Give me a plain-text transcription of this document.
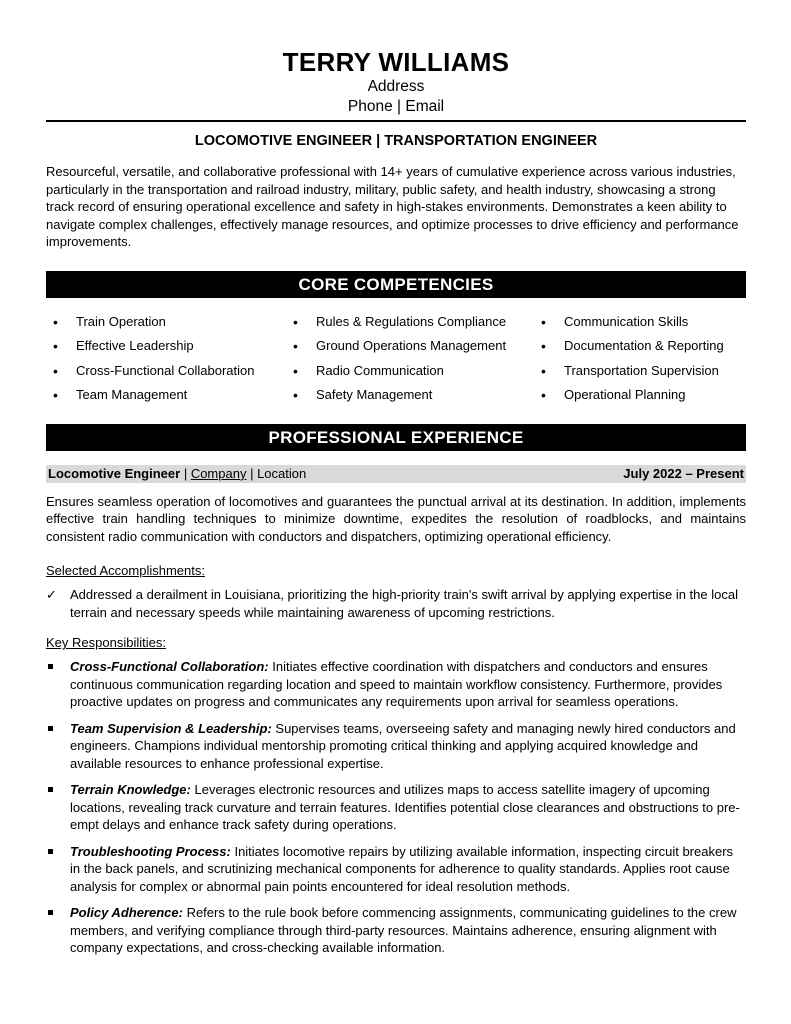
TERRY WILLIAMS
Address
Phone | Email
LOCOMOTIVE ENGINEER | TRANSPORTATION ENGINEER
Resourceful, versatile, and collaborative professional with 14+ years of cumulative experience across various industries, particularly in the transportation and railroad industry, military, public safety, and health industry, showcasing a strong track record of ensuring operational excellence and safety in high-stakes environments. Demonstrates a keen ability to navigate complex challenges, effectively manage resources, and optimize processes to drive efficiency and performance improvements.
CORE COMPETENCIES
• Train Operation
• Effective Leadership
• Cross-Functional Collaboration
• Team Management
• Rules & Regulations Compliance
• Ground Operations Management
• Radio Communication
• Safety Management
• Communication Skills
• Documentation & Reporting
• Transportation Supervision
• Operational Planning
PROFESSIONAL EXPERIENCE
Locomotive Engineer | Company | Location	July 2022 – Present
Ensures seamless operation of locomotives and guarantees the punctual arrival at its destination. In addition, implements effective train handling techniques to minimize downtime, expedites the resolution of roadblocks, and maintains consistent radio communication with conductors and dispatchers, optimizing operational efficiency.
Selected Accomplishments:
✓ Addressed a derailment in Louisiana, prioritizing the high-priority train's swift arrival by applying expertise in the local terrain and necessary speeds while maintaining awareness of upcoming restrictions.
Key Responsibilities:
Cross-Functional Collaboration: Initiates effective coordination with dispatchers and conductors and ensures continuous communication regarding location and speed to maintain workflow consistency. Furthermore, provides proactive updates on progress and communicates any requirements upon arrival for seamless operations.
Team Supervision & Leadership: Supervises teams, overseeing safety and managing newly hired conductors and engineers. Champions individual mentorship promoting critical thinking and applying acquired knowledge and available resources to enhance professional expertise.
Terrain Knowledge: Leverages electronic resources and utilizes maps to access satellite imagery of upcoming locations, revealing track curvature and terrain features. Identifies potential close clearances and obstructions to pre-empt delays and enhance track safety during operations.
Troubleshooting Process: Initiates locomotive repairs by utilizing available information, inspecting circuit breakers in the back panels, and scrutinizing mechanical components for adherence to quality standards. Applies root cause analysis for complex or abnormal pain points encountered for ideal resolution methods.
Policy Adherence: Refers to the rule book before commencing assignments, communicating guidelines to the crew members, and verifying compliance through third-party resources. Maintains adherence, ensuring alignment with company expectations, and cross-checking available information.
